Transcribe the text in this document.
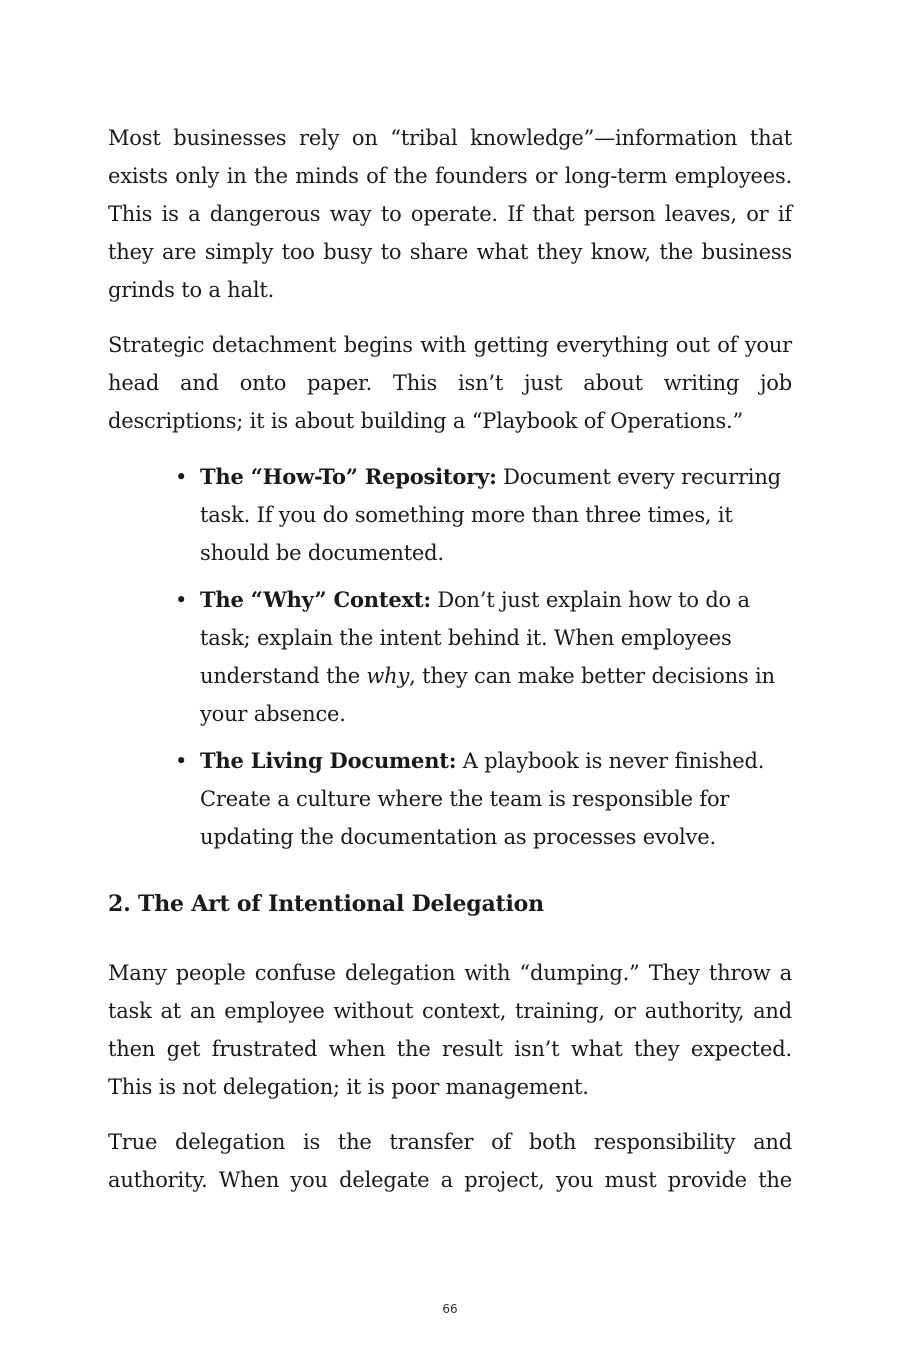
Most businesses rely on “tribal knowledge”—information that exists only in the minds of the founders or long-term employees. This is a dangerous way to operate. If that person leaves, or if they are simply too busy to share what they know, the business grinds to a halt.

Strategic detachment begins with getting everything out of your head and onto paper. This isn’t just about writing job descriptions; it is about building a “Playbook of Operations.”

• The “How-To” Repository: Document every recurring task. If you do something more than three times, it should be documented.
• The “Why” Context: Don’t just explain how to do a task; explain the intent behind it. When employees understand the why, they can make better decisions in your absence.
• The Living Document: A playbook is never finished. Create a culture where the team is responsible for updating the documentation as processes evolve.
2. The Art of Intentional Delegation

Many people confuse delegation with “dumping.” They throw a task at an employee without context, training, or authority, and then get frustrated when the result isn’t what they expected. This is not delegation; it is poor management.

True delegation is the transfer of both responsibility and authority. When you delegate a project, you must provide the

66
